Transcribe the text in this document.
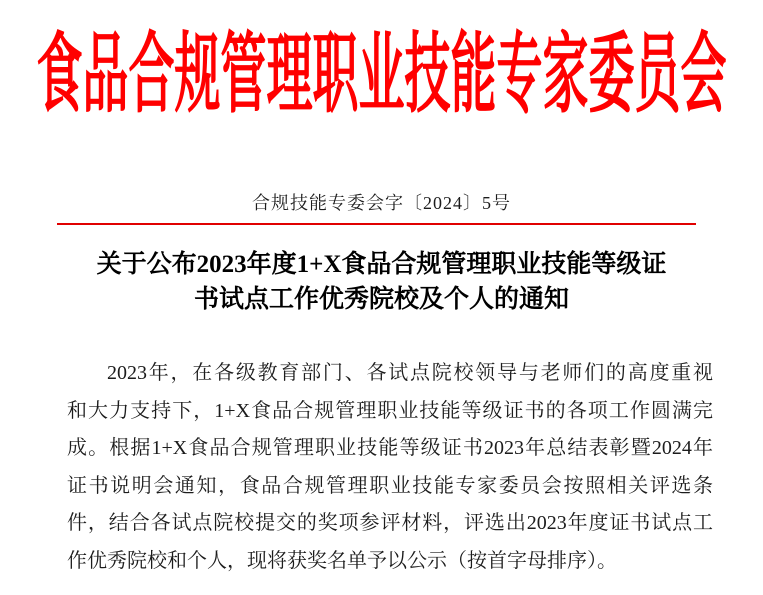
食品合规管理职业技能专家委员会
合规技能专委会字〔2024〕5号
关于公布2023年度1+X食品合规管理职业技能等级证
书试点工作优秀院校及个人的通知
2023年，在各级教育部门、各试点院校领导与老师们的高度重视
和大力支持下，1+X食品合规管理职业技能等级证书的各项工作圆满完
成。根据1+X食品合规管理职业技能等级证书2023年总结表彰暨2024年
证书说明会通知，食品合规管理职业技能专家委员会按照相关评选条
件，结合各试点院校提交的奖项参评材料，评选出2023年度证书试点工
作优秀院校和个人，现将获奖名单予以公示（按首字母排序）。
